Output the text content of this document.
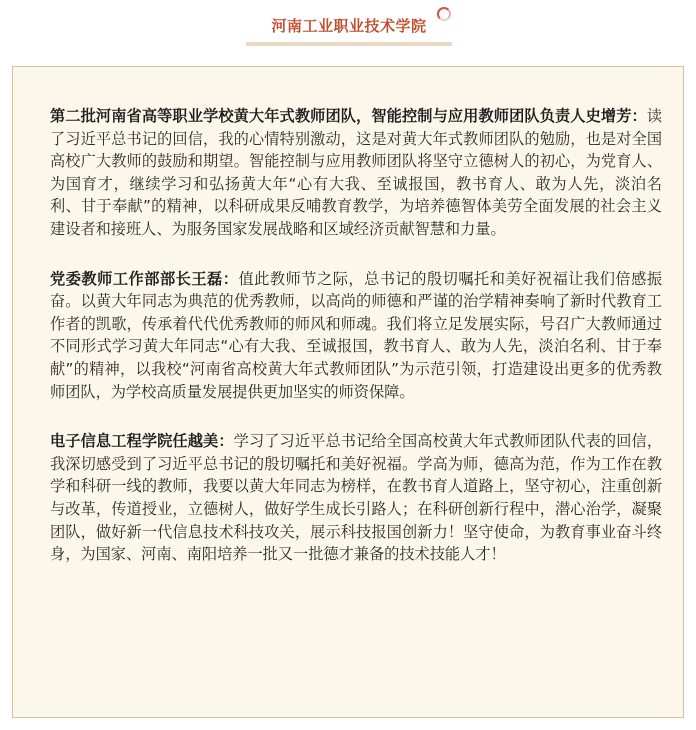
河南工业职业技术学院

第二批河南省高等职业学校黄大年式教师团队，智能控制与应用教师团队负责人史增芳：读了习近平总书记的回信，我的心情特别激动，这是对黄大年式教师团队的勉励，也是对全国高校广大教师的鼓励和期望。智能控制与应用教师团队将坚守立德树人的初心，为党育人、为国育才，继续学习和弘扬黄大年“心有大我、至诚报国，教书育人、敢为人先，淡泊名利、甘于奉献”的精神，以科研成果反哺教育教学，为培养德智体美劳全面发展的社会主义建设者和接班人、为服务国家发展战略和区域经济贡献智慧和力量。

党委教师工作部部长王磊：值此教师节之际，总书记的殷切嘱托和美好祝福让我们倍感振奋。以黄大年同志为典范的优秀教师，以高尚的师德和严谨的治学精神奏响了新时代教育工作者的凯歌，传承着代代优秀教师的师风和师魂。我们将立足发展实际，号召广大教师通过不同形式学习黄大年同志“心有大我、至诚报国，教书育人、敢为人先，淡泊名利、甘于奉献”的精神，以我校“河南省高校黄大年式教师团队”为示范引领，打造建设出更多的优秀教师团队，为学校高质量发展提供更加坚实的师资保障。

电子信息工程学院任越美：学习了习近平总书记给全国高校黄大年式教师团队代表的回信，我深切感受到了习近平总书记的殷切嘱托和美好祝福。学高为师，德高为范，作为工作在教学和科研一线的教师，我要以黄大年同志为榜样，在教书育人道路上，坚守初心，注重创新与改革，传道授业，立德树人，做好学生成长引路人；在科研创新行程中，潜心治学，凝聚团队，做好新一代信息技术科技攻关，展示科技报国创新力！坚守使命，为教育事业奋斗终身，为国家、河南、南阳培养一批又一批德才兼备的技术技能人才！
